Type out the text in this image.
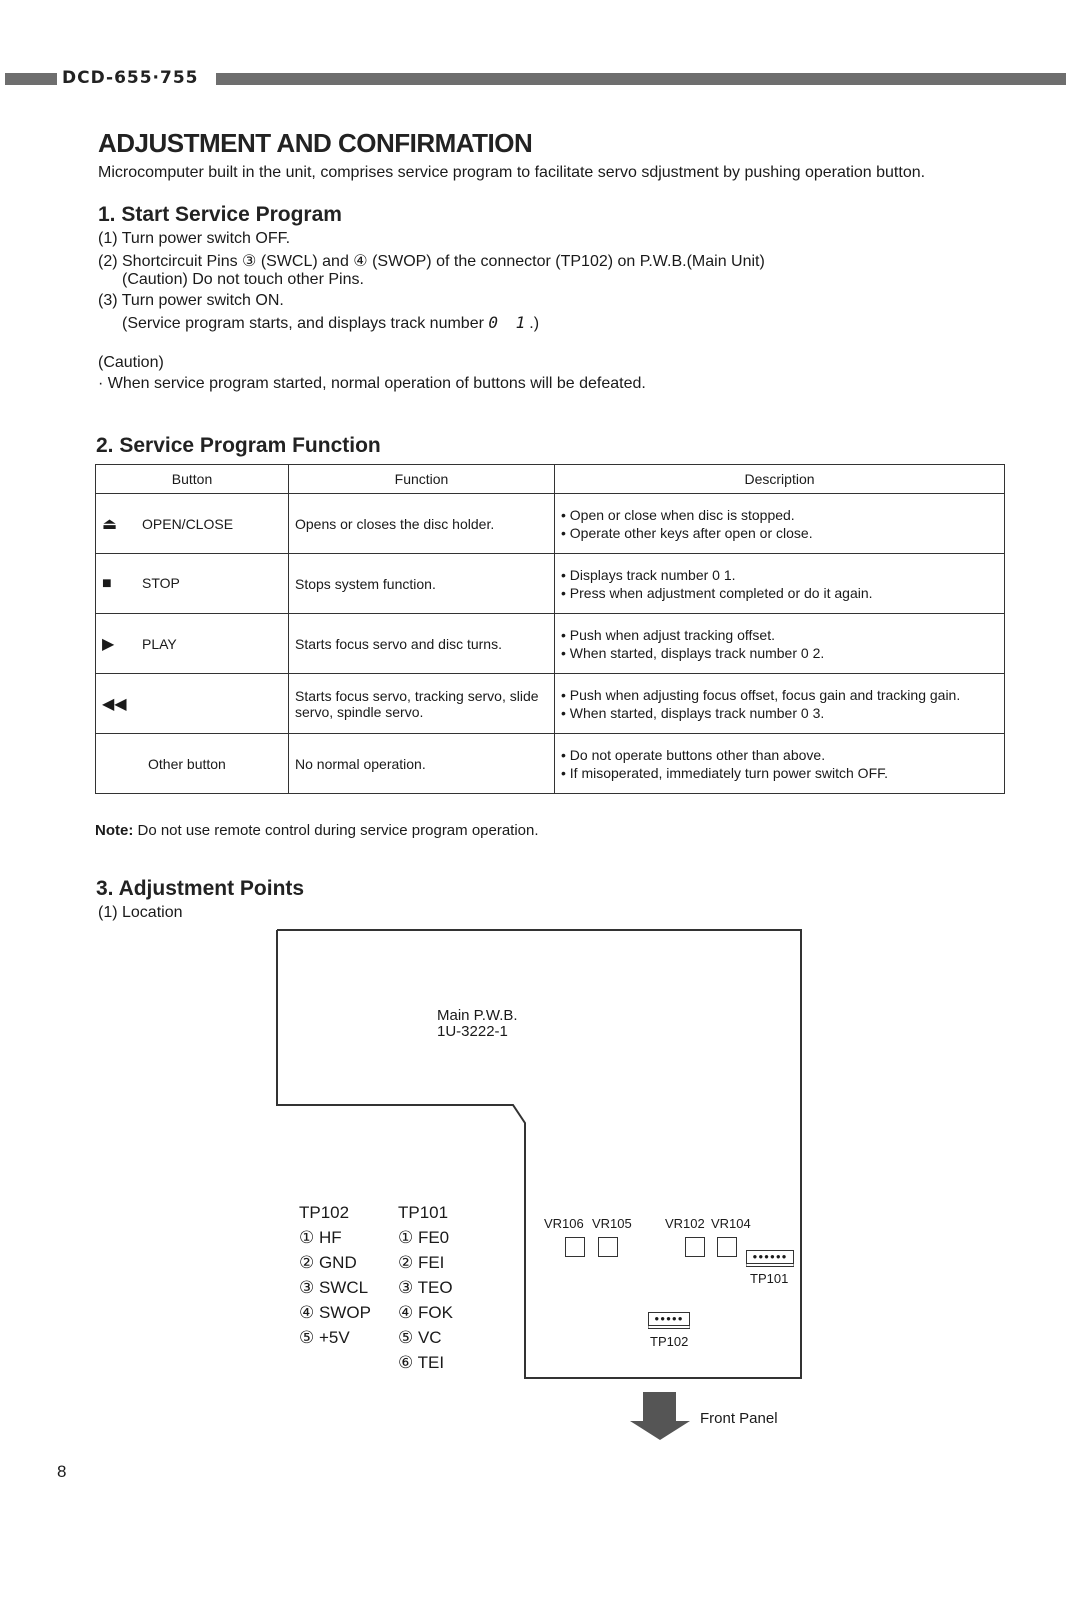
DCD-655·755
ADJUSTMENT AND CONFIRMATION
Microcomputer built in the unit, comprises service program to facilitate servo sdjustment by pushing operation button.
1. Start Service Program
(1) Turn power switch OFF.
(2) Shortcircuit Pins ③ (SWCL) and ④ (SWOP) of the connector (TP102) on P.W.B.(Main Unit)
(Caution) Do not touch other Pins.
(3) Turn power switch ON.
(Service program starts, and displays track number 0 1.)
(Caution)
· When service program started, normal operation of buttons will be defeated.
2. Service Program Function
Button	Function	Description
⏏ OPEN/CLOSE	Opens or closes the disc holder.	• Open or close when disc is stopped.

• Operate other keys after open or close.

■ STOP	Stops system function.	• Displays track number 0 1.

• Press when adjustment completed or do it again.

▶ PLAY	Starts focus servo and disc turns.	• Push when adjust tracking offset.

• When started, displays track number 0 2.

◀◀	Starts focus servo, tracking servo, slide servo, spindle servo.	• Push when adjusting focus offset, focus gain and tracking gain.

• When started, displays track number 0 3.

Other button	No normal operation.	• Do not operate buttons other than above.

• If misoperated, immediately turn power switch OFF.

Note: Do not use remote control during service program operation.
3. Adjustment Points
(1) Location
Main P.W.B.
1U-3222-1
TP102
① HF
② GND
③ SWCL
④ SWOP
⑤ +5V
TP101
① FE0
② FEI
③ TEO
④ FOK
⑤ VC
⑥ TEI
VR106 VR105	VR102 VR104
●●●●●●
TP101
●●●●●
TP102
Front Panel
8
